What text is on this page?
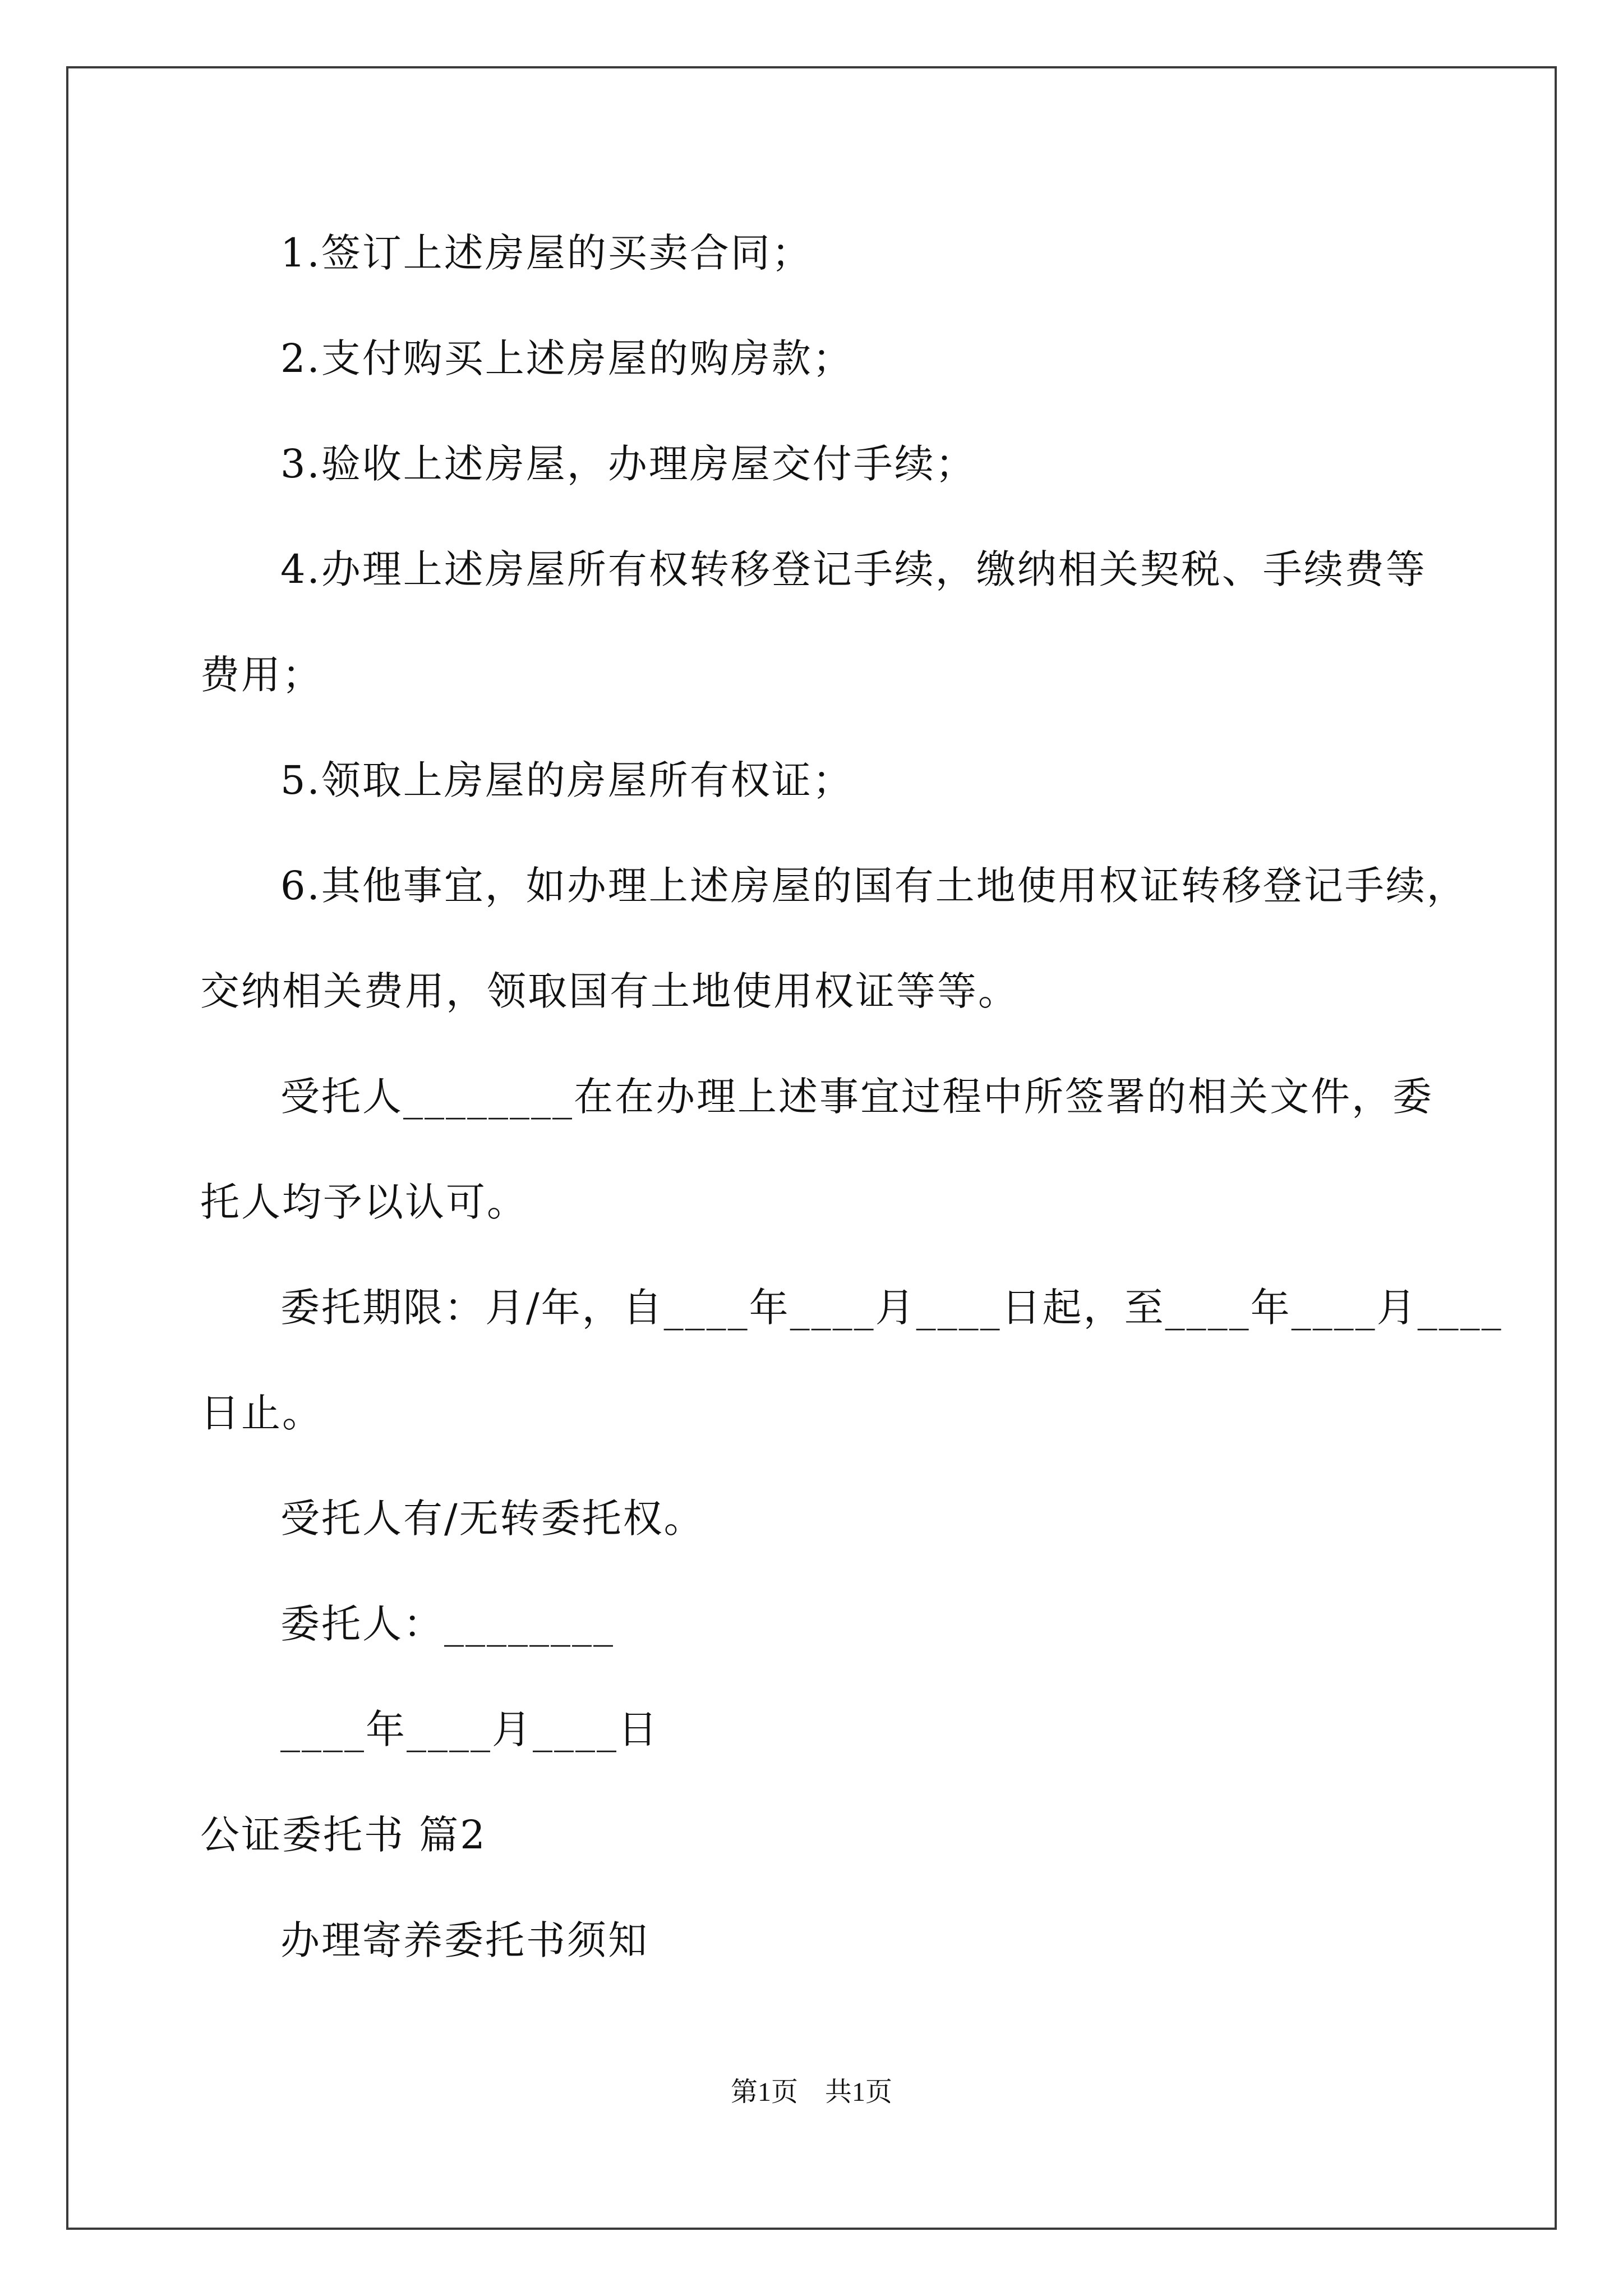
1.签订上述房屋的买卖合同；
2.支付购买上述房屋的购房款；
3.验收上述房屋，办理房屋交付手续；
4.办理上述房屋所有权转移登记手续，缴纳相关契税、手续费等
费用；
5.领取上房屋的房屋所有权证；
6.其他事宜，如办理上述房屋的国有土地使用权证转移登记手续，
交纳相关费用，领取国有土地使用权证等等。
受托人________在在办理上述事宜过程中所签署的相关文件，委
托人均予以认可。
委托期限：月/年，自____年____月____日起，至____年____月____
日止。
受托人有/无转委托权。
委托人：________
____年____月____日
公证委托书 篇2
办理寄养委托书须知
第1页　共1页
